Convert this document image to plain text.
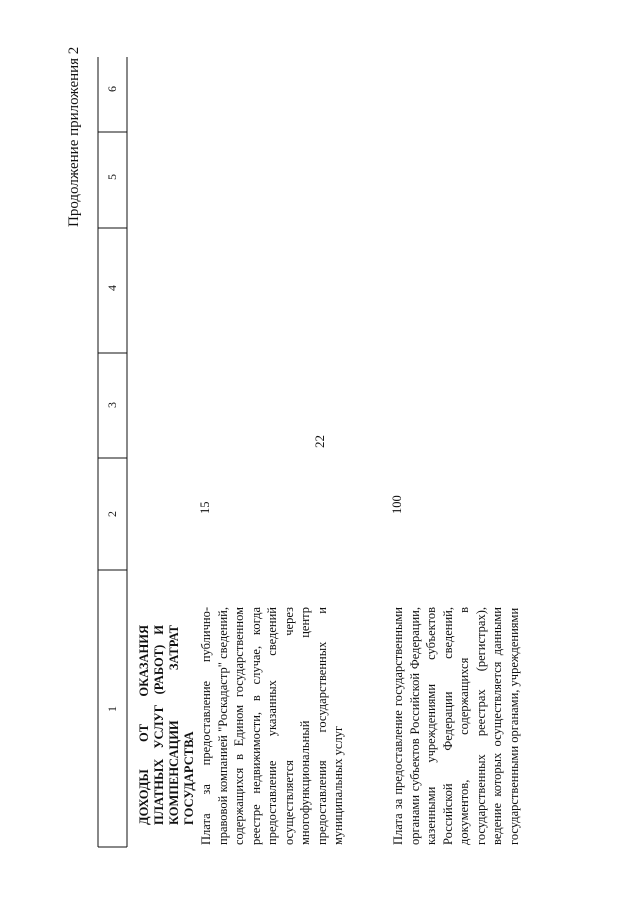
22
Продолжение приложения 2
1
2
3
4
5
6
ДОХОДЫ ОТ ОКАЗАНИЯ ПЛАТНЫХ УСЛУГ (РАБОТ) И КОМПЕНСАЦИИ ЗАТРАТ ГОСУДАРСТВА Плата за предоставление публично-правовой компанией "Роскадастр" сведений, содержащихся в Едином государственном реестре недвижимости, в случае, когда предоставление указанных сведений осуществляется через многофункциональный центр предоставления государственных и муниципальных услуг
15
Плата за предоставление государственными органами субъектов Российской Федерации, казенными учреждениями субъектов Российской Федерации сведений, документов, содержащихся в государственных реестрах (регистрах), ведение которых осуществляется данными государственными органами, учреждениями
100
